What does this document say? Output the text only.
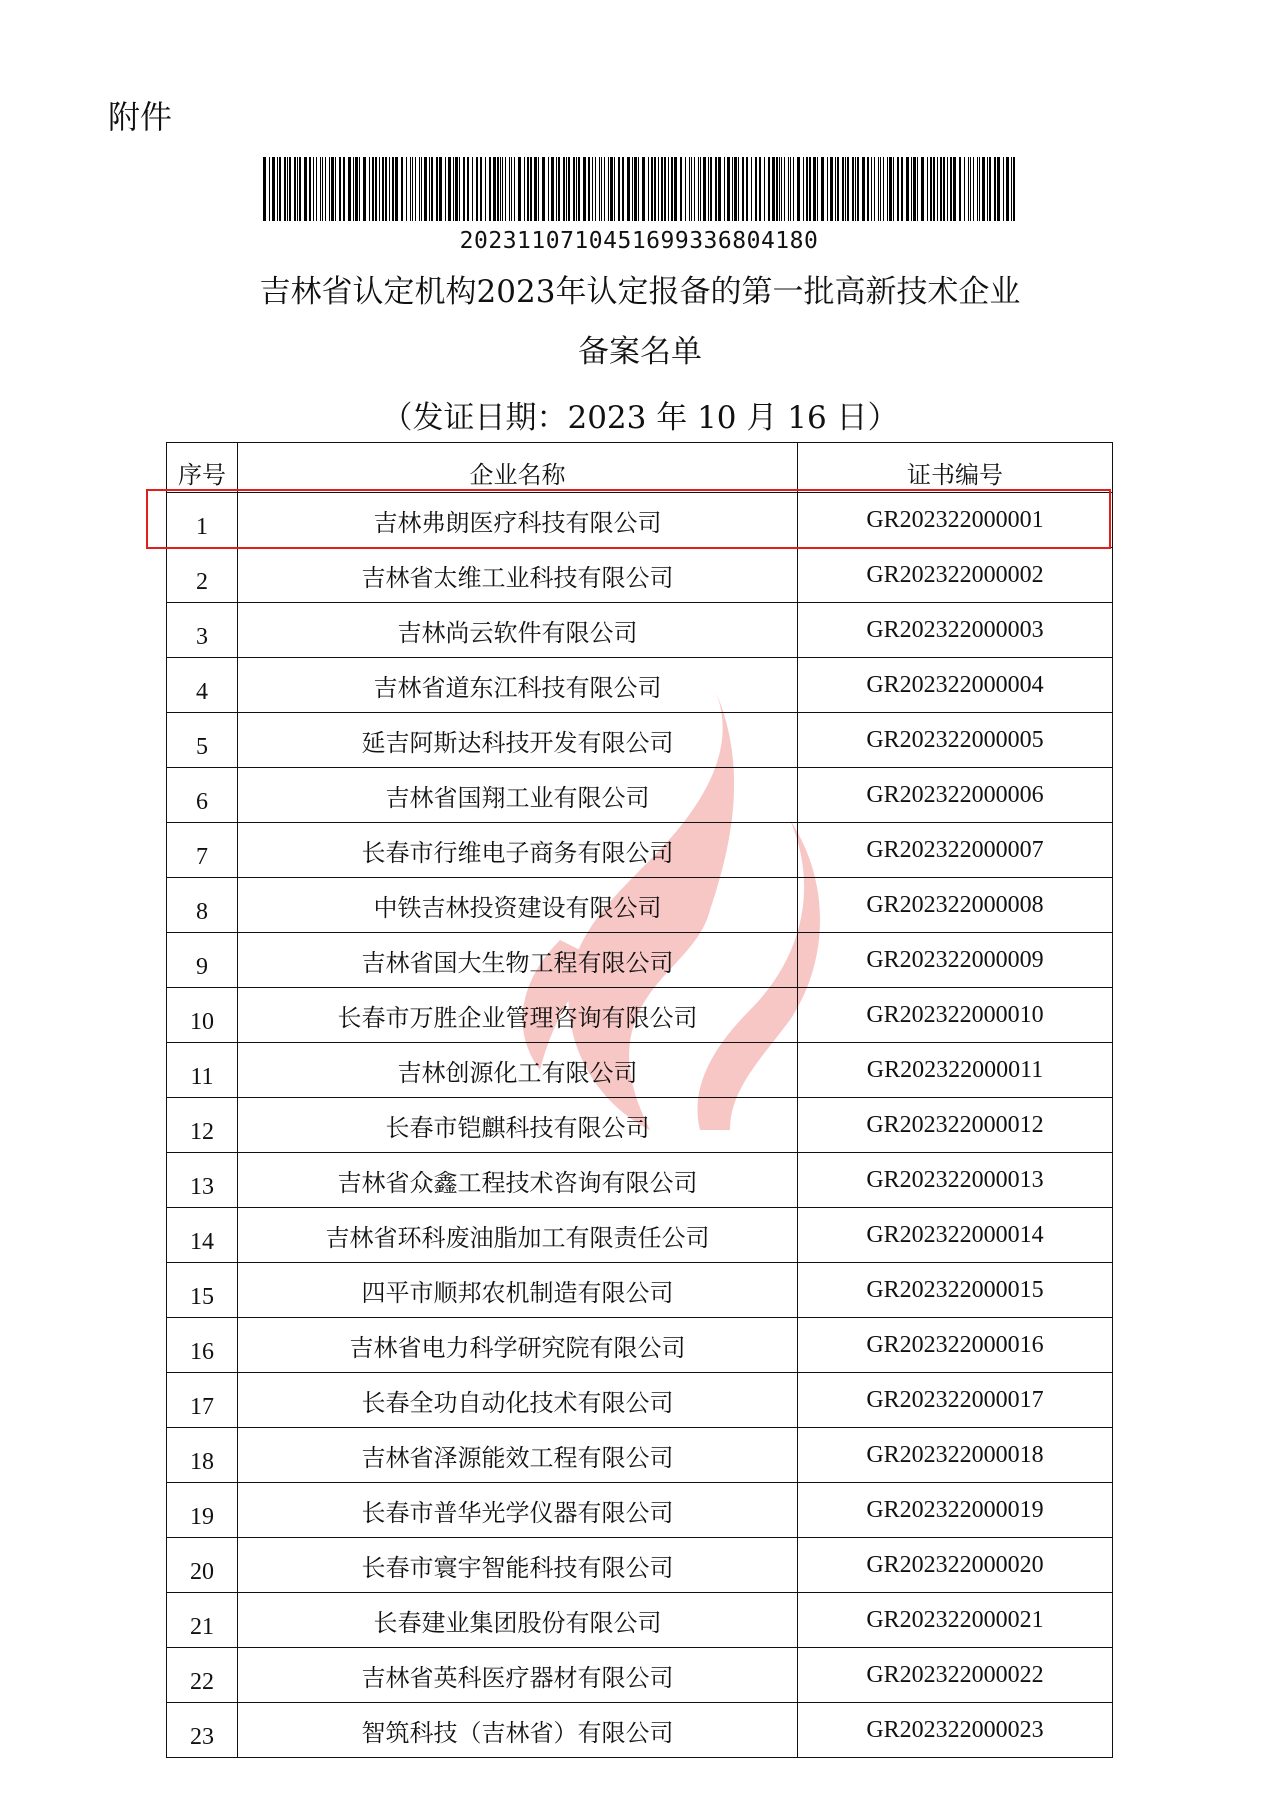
附件
2023110710451699336804180
吉林省认定机构2023年认定报备的第一批高新技术企业
备案名单
（发证日期：2023 年 10 月 16 日）
序号	企业名称	证书编号
1	吉林弗朗医疗科技有限公司	GR202322000001
2	吉林省太维工业科技有限公司	GR202322000002
3	吉林尚云软件有限公司	GR202322000003
4	吉林省道东江科技有限公司	GR202322000004
5	延吉阿斯达科技开发有限公司	GR202322000005
6	吉林省国翔工业有限公司	GR202322000006
7	长春市行维电子商务有限公司	GR202322000007
8	中铁吉林投资建设有限公司	GR202322000008
9	吉林省国大生物工程有限公司	GR202322000009
10	长春市万胜企业管理咨询有限公司	GR202322000010
11	吉林创源化工有限公司	GR202322000011
12	长春市铠麒科技有限公司	GR202322000012
13	吉林省众鑫工程技术咨询有限公司	GR202322000013
14	吉林省环科废油脂加工有限责任公司	GR202322000014
15	四平市顺邦农机制造有限公司	GR202322000015
16	吉林省电力科学研究院有限公司	GR202322000016
17	长春全功自动化技术有限公司	GR202322000017
18	吉林省泽源能效工程有限公司	GR202322000018
19	长春市普华光学仪器有限公司	GR202322000019
20	长春市寰宇智能科技有限公司	GR202322000020
21	长春建业集团股份有限公司	GR202322000021
22	吉林省英科医疗器材有限公司	GR202322000022
23	智筑科技（吉林省）有限公司	GR202322000023
